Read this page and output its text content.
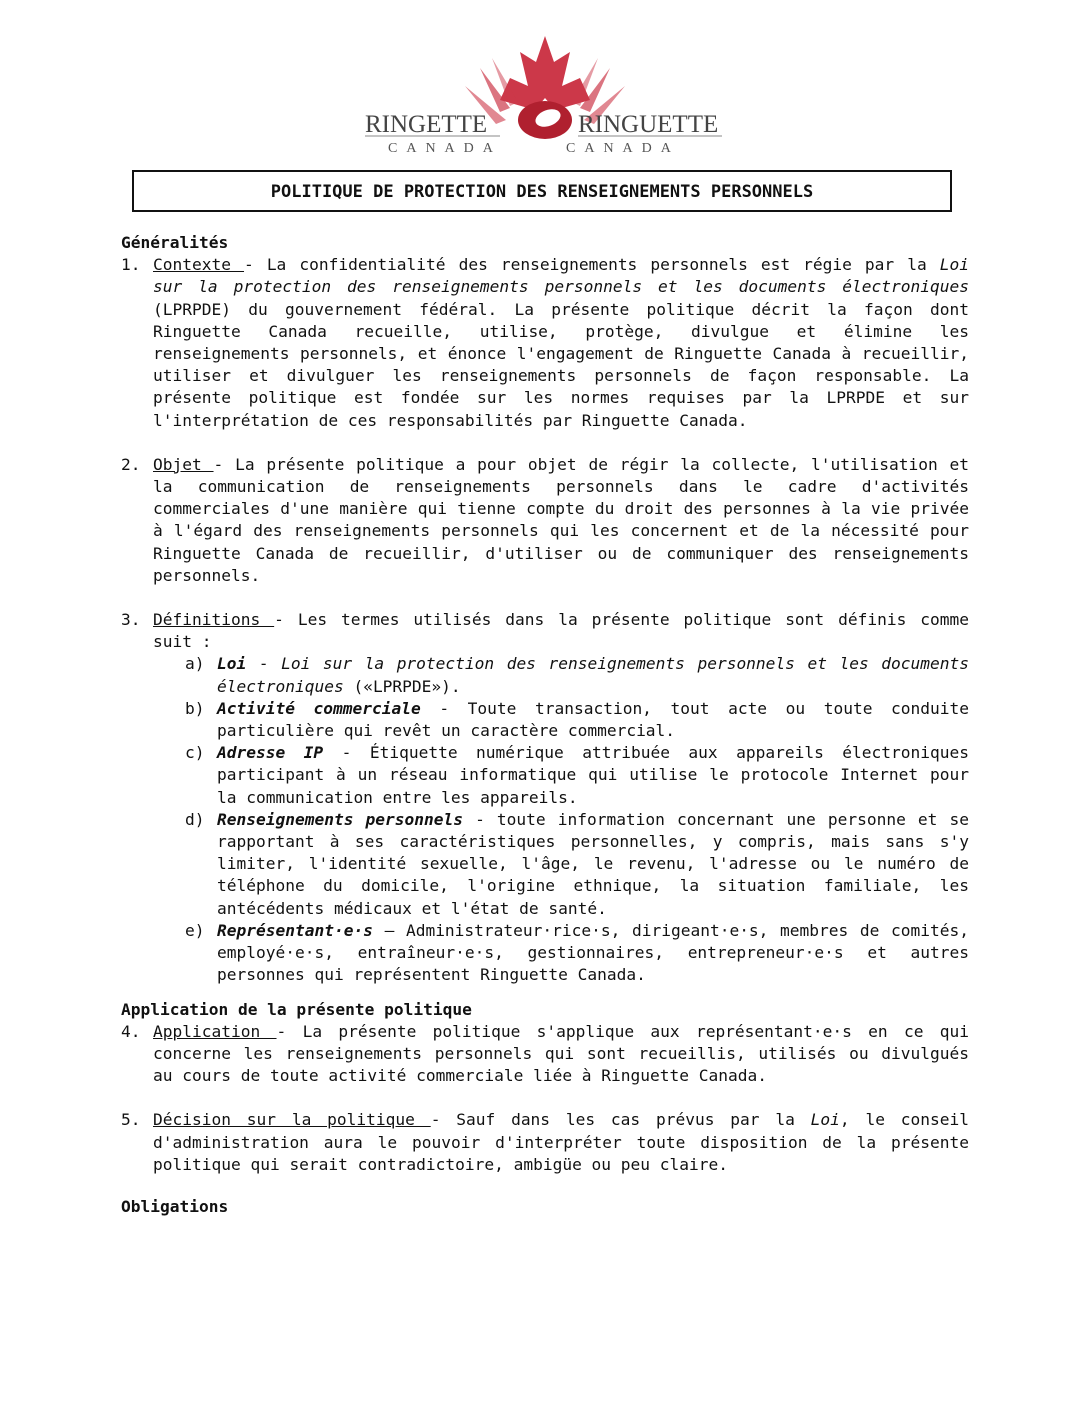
RINGETTE	RINGUETTE
CANADA	CANADA
POLITIQUE DE PROTECTION DES RENSEIGNEMENTS PERSONNELS
Généralités
1. Contexte - La confidentialité des renseignements personnels est régie par la Loi sur la protection des renseignements personnels et les documents électroniques (LPRPDE) du gouvernement fédéral. La présente politique décrit la façon dont Ringuette Canada recueille, utilise, protège, divulgue et élimine les renseignements personnels, et énonce l'engagement de Ringuette Canada à recueillir, utiliser et divulguer les renseignements personnels de façon responsable. La présente politique est fondée sur les normes requises par la LPRPDE et sur l'interprétation de ces responsabilités par Ringuette Canada.
2. Objet - La présente politique a pour objet de régir la collecte, l'utilisation et la communication de renseignements personnels dans le cadre d'activités commerciales d'une manière qui tienne compte du droit des personnes à la vie privée à l'égard des renseignements personnels qui les concernent et de la nécessité pour Ringuette Canada de recueillir, d'utiliser ou de communiquer des renseignements personnels.
3. Définitions - Les termes utilisés dans la présente politique sont définis comme suit :
a) Loi - Loi sur la protection des renseignements personnels et les documents électroniques («LPRPDE»).
b) Activité commerciale - Toute transaction, tout acte ou toute conduite particulière qui revêt un caractère commercial.
c) Adresse IP - Étiquette numérique attribuée aux appareils électroniques participant à un réseau informatique qui utilise le protocole Internet pour la communication entre les appareils.
d) Renseignements personnels - toute information concernant une personne et se rapportant à ses caractéristiques personnelles, y compris, mais sans s'y limiter, l'identité sexuelle, l'âge, le revenu, l'adresse ou le numéro de téléphone du domicile, l'origine ethnique, la situation familiale, les antécédents médicaux et l'état de santé.
e) Représentant·e·s – Administrateur·rice·s, dirigeant·e·s, membres de comités, employé·e·s, entraîneur·e·s, gestionnaires, entrepreneur·e·s et autres personnes qui représentent Ringuette Canada.
Application de la présente politique
4. Application - La présente politique s'applique aux représentant·e·s en ce qui concerne les renseignements personnels qui sont recueillis, utilisés ou divulgués au cours de toute activité commerciale liée à Ringuette Canada.
5. Décision sur la politique - Sauf dans les cas prévus par la Loi, le conseil d'administration aura le pouvoir d'interpréter toute disposition de la présente politique qui serait contradictoire, ambigüe ou peu claire.
Obligations
